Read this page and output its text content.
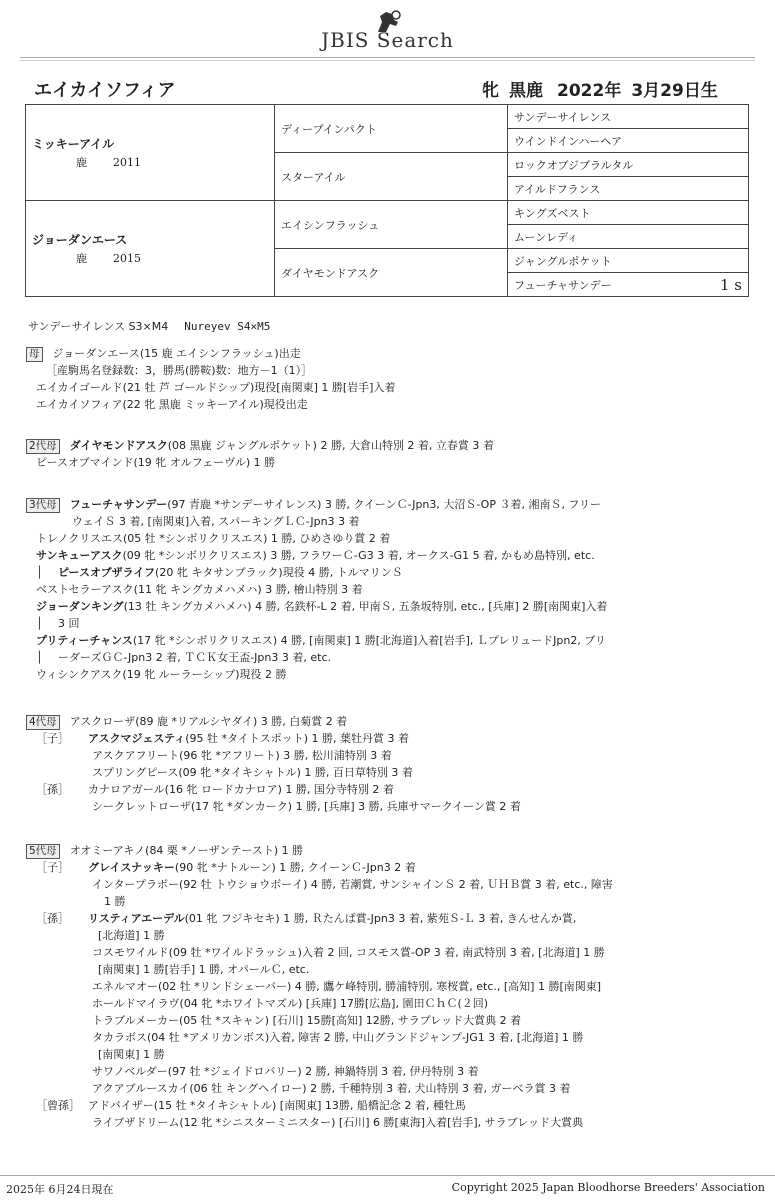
JBIS Search
エイカイソフィア	牝 黒鹿 2022年 3月29日生
ミッキーアイル
鹿 2011	ディープインパクト	サンデーサイレンス
		ウインドインハーヘア
	スターアイル	ロックオブジブラルタル
		アイルドフランス

ジョーダンエース
鹿 2015	エイシンフラッシュ	キングズベスト
		ムーンレディ
	ダイヤモンドアスク	ジャングルポケット
		フューチャサンデー 1 s
サンデーサイレンス S3×M4 Nureyev S4×M5
母 ジョーダンエース(15 鹿 エイシンフラッシュ)出走
［産駒馬名登録数：3，勝馬(勝鞍)数：地方－1（1）］
エイカイゴールド(21 牡 芦 ゴールドシップ)現役[南関東] 1 勝[岩手]入着
エイカイソフィア(22 牝 黒鹿 ミッキーアイル)現役出走
2代母 ダイヤモンドアスク(08 黒鹿 ジャングルポケット) 2 勝, 大倉山特別 2 着, 立春賞 3 着
ピースオブマインド(19 牝 オルフェーヴル) 1 勝
3代母 フューチャサンデー(97 青鹿 *サンデーサイレンス) 3 勝, クイーンＣ-Jpn3, 大沼Ｓ-OP ３着, 湘南Ｓ, フリー
ウェイＳ 3 着, [南関東]入着, スパーキングＬＣ-Jpn3 3 着
トレノクリスエス(05 牡 *シンボリクリスエス) 1 勝, ひめさゆり賞 2 着
サンキューアスク(09 牝 *シンボリクリスエス) 3 勝, フラワーＣ-G3 3 着, オークス-G1 5 着, かもめ島特別, etc.
│ ピースオブザライフ(20 牝 キタサンブラック)現役 4 勝, トルマリンＳ
ベストセラーアスク(11 牝 キングカメハメハ) 3 勝, 檜山特別 3 着
ジョーダンキング(13 牡 キングカメハメハ) 4 勝, 名鉄杯-L 2 着, 甲南Ｓ, 五条坂特別, etc., [兵庫] 2 勝[南関東]入着
│ 3 回
プリティーチャンス(17 牝 *シンボリクリスエス) 4 勝, [南関東] 1 勝[北海道]入着[岩手], ＬプレリュードJpn2, ブリ
│ ーダーズＧＣ-Jpn3 2 着, ＴＣＫ女王盃-Jpn3 3 着, etc.
ウィシンクアスク(19 牝 ルーラーシップ)現役 2 勝
4代母 アスクローザ(89 鹿 *リアルシヤダイ) 3 勝, 白菊賞 2 着
［子］ アスクマジェスティ(95 牡 *タイトスポット) 1 勝, 葉牡丹賞 3 着
アスクアフリート(96 牝 *アフリート) 3 勝, 松川浦特別 3 着
スプリングピース(09 牝 *タイキシャトル) 1 勝, 百日草特別 3 着
［孫］ カナロアガール(16 牝 ロードカナロア) 1 勝, 国分寺特別 2 着
シークレットローザ(17 牝 *ダンカーク) 1 勝, [兵庫] 3 勝, 兵庫サマークイーン賞 2 着
5代母 オオミーアキノ(84 栗 *ノーザンテースト) 1 勝
［子］ グレイスナッキー(90 牝 *ナトルーン) 1 勝, クイーンＣ-Jpn3 2 着
インタープラボー(92 牡 トウショウボーイ) 4 勝, 若潮賞, サンシャインＳ 2 着, ＵＨＢ賞 3 着, etc., 障害
1 勝
［孫］ リスティアエーデル(01 牝 フジキセキ) 1 勝, Ｒたんぱ賞-Jpn3 3 着, 紫苑Ｓ-Ｌ 3 着, きんせんか賞,
[北海道] 1 勝
コスモワイルド(09 牡 *ワイルドラッシュ)入着 2 回, コスモス賞-OP 3 着, 南武特別 3 着, [北海道] 1 勝
[南関東] 1 勝[岩手] 1 勝, オパールＣ, etc.
エネルマオー(02 牡 *リンドシェーバー) 4 勝, 鷹ケ峰特別, 勝浦特別, 寒桜賞, etc., [高知] 1 勝[南関東]
ホールドマイラヴ(04 牝 *ホワイトマズル) [兵庫] 17勝[広島], 園田ＣｈＣ(２回)
トラブルメーカー(05 牡 *スキャン) [石川] 15勝[高知] 12勝, サラブレッド大賞典 2 着
タカラボス(04 牡 *アメリカンボス)入着, 障害 2 勝, 中山グランドジャンプ-JG1 3 着, [北海道] 1 勝
[南関東] 1 勝
サワノベルダー(97 牡 *ジェイドロバリー) 2 勝, 神鍋特別 3 着, 伊丹特別 3 着
アクアブルースカイ(06 牡 キングヘイロー) 2 勝, 千種特別 3 着, 犬山特別 3 着, ガーベラ賞 3 着
［曾孫］ アドバイザー(15 牡 *タイキシャトル) [南関東] 13勝, 船橋記念 2 着, 種牡馬
ライブザドリーム(12 牝 *シニスターミニスター) [石川] 6 勝[東海]入着[岩手], サラブレッド大賞典
2025年 6月24日現在	Copyright 2025 Japan Bloodhorse Breeders' Association
